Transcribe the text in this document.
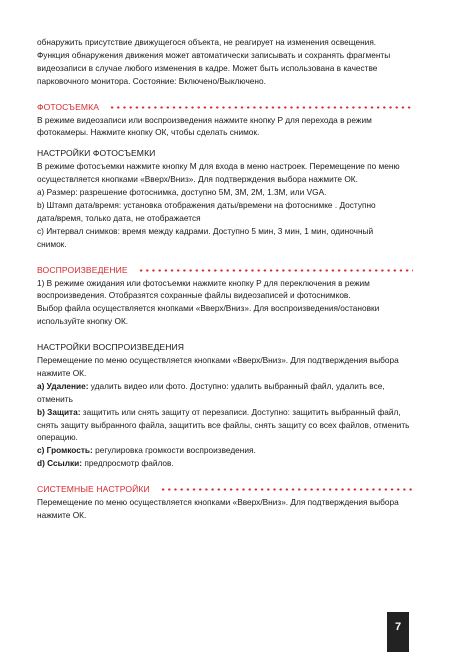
обнаружить присутствие движущегося объекта, не реагирует на изменения освещения.

Функция обнаружения движения может автоматически записывать и сохранять фрагменты

видеозаписи в случае любого изменения в кадре. Может быть использована в качестве

парковочного монитора. Состояние: Включено/Выключено.

ФОТОСЪЕМКА

В режиме видеозаписи или воспроизведения нажмите кнопку P для перехода в режим

фотокамеры. Нажмите кнопку ОК, чтобы сделать снимок.

НАСТРОЙКИ ФОТОСЪЕМКИ

В режиме фотосъемки нажмите кнопку М для входа в меню настроек. Перемещение по меню

осуществляется кнопками «Вверх/Вниз». Для подтверждения выбора нажмите ОК.

a) Размер: разрешение фотоснимка, доступно 5M, 3M, 2M, 1.3M, или VGA.

b) Штамп дата/время: установка отображения даты/времени на фотоснимке . Доступно

дата/время, только дата, не отображается

c) Интервал снимков: время между кадрами. Доступно 5 мин, 3 мин, 1 мин, одиночный

снимок.

ВОСПРОИЗВЕДЕНИЕ

1) В режиме ожидания или фотосъемки нажмите кнопку P для переключения в режим

воспроизведения. Отобразятся сохранные файлы видеозаписей и фотоснимков.

Выбор файла осуществляется кнопками «Вверх/Вниз». Для воспроизведения/остановки

используйте кнопку ОК.

НАСТРОЙКИ ВОСПРОИЗВЕДЕНИЯ

Перемещение по меню осуществляется кнопками «Вверх/Вниз». Для подтверждения выбора

нажмите ОК.

a) Удаление: удалить видео или фото. Доступно: удалить выбранный файл, удалить все,

отменить

b) Защита: защитить или снять защиту от перезаписи. Доступно: защитить выбранный файл,

снять защиту выбранного файла, защитить все файлы, снять защиту со всех файлов, отменить

операцию.

c) Громкость: регулировка громкости воспроизведения.

d) Ссылки: предпросмотр файлов.

СИСТЕМНЫЕ НАСТРОЙКИ

Перемещение по меню осуществляется кнопками «Вверх/Вниз». Для подтверждения выбора

нажмите ОК.

7
